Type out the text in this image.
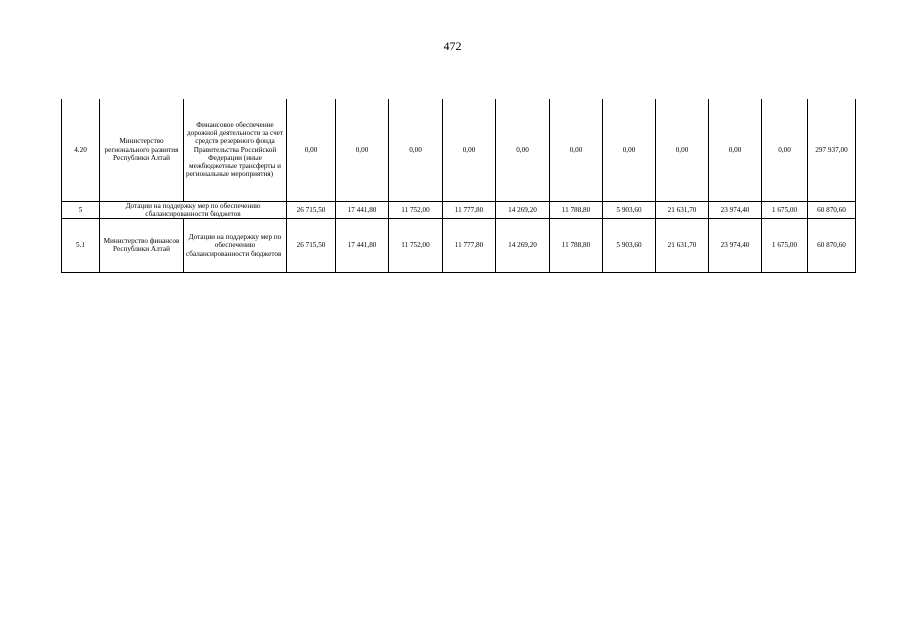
472
4.20	Министерство регионального развития Республики Алтай	Финансовое обеспечение дорожной деятельности за счет средств резервного фонда Правительства Российской Федерации (иные межбюджетные трансферты и региональные мероприятия)	0,00	0,00	0,00	0,00	0,00	0,00	0,00	0,00	0,00	0,00	297 937,00
5	Дотации на поддержку мер по обеспечению сбалансированности бюджетов		26 715,50	17 441,80	11 752,00	11 777,80	14 269,20	11 788,80	5 903,60	21 631,70	23 974,40	1 675,00	60 870,60
5.1	Министерство финансов Республики Алтай	Дотации на поддержку мер по обеспечению сбалансированности бюджетов	26 715,50	17 441,80	11 752,00	11 777,80	14 269,20	11 788,80	5 903,60	21 631,70	23 974,40	1 675,00	60 870,60
